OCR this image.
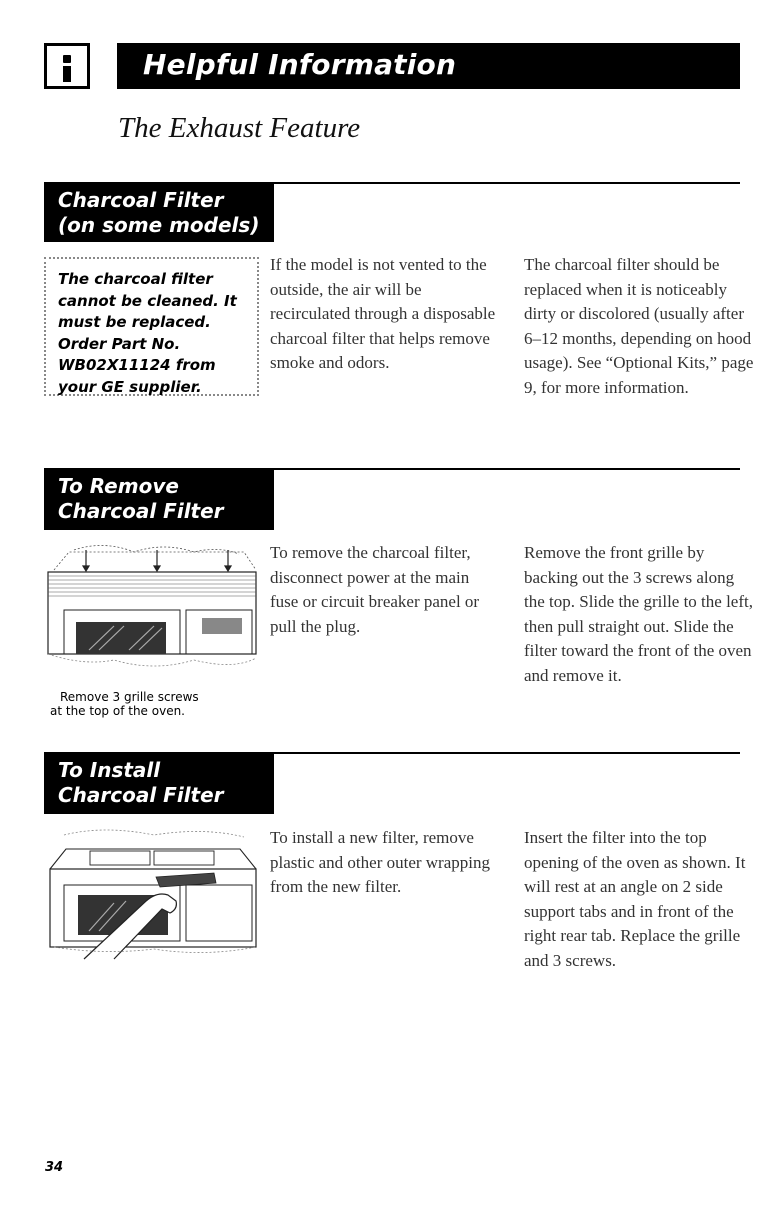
Helpful Information
The Exhaust Feature
Charcoal Filter
(on some models)
The charcoal filter cannot be cleaned. It must be replaced. Order Part No. WB02X11124 from your GE supplier.
If the model is not vented to the outside, the air will be recirculated through a disposable charcoal filter that helps remove smoke and odors.
The charcoal filter should be replaced when it is noticeably dirty or discolored (usually after 6–12 months, depending on hood usage). See “Optional Kits,” page 9, for more information.
To Remove
Charcoal Filter
Remove 3 grille screws
at the top of the oven.
To remove the charcoal filter, disconnect power at the main fuse or circuit breaker panel or pull the plug.
Remove the front grille by backing out the 3 screws along the top. Slide the grille to the left, then pull straight out. Slide the filter toward the front of the oven and remove it.
To Install
Charcoal Filter
To install a new filter, remove plastic and other outer wrapping from the new filter.
Insert the filter into the top opening of the oven as shown. It will rest at an angle on 2 side support tabs and in front of the right rear tab. Replace the grille and 3 screws.
34
